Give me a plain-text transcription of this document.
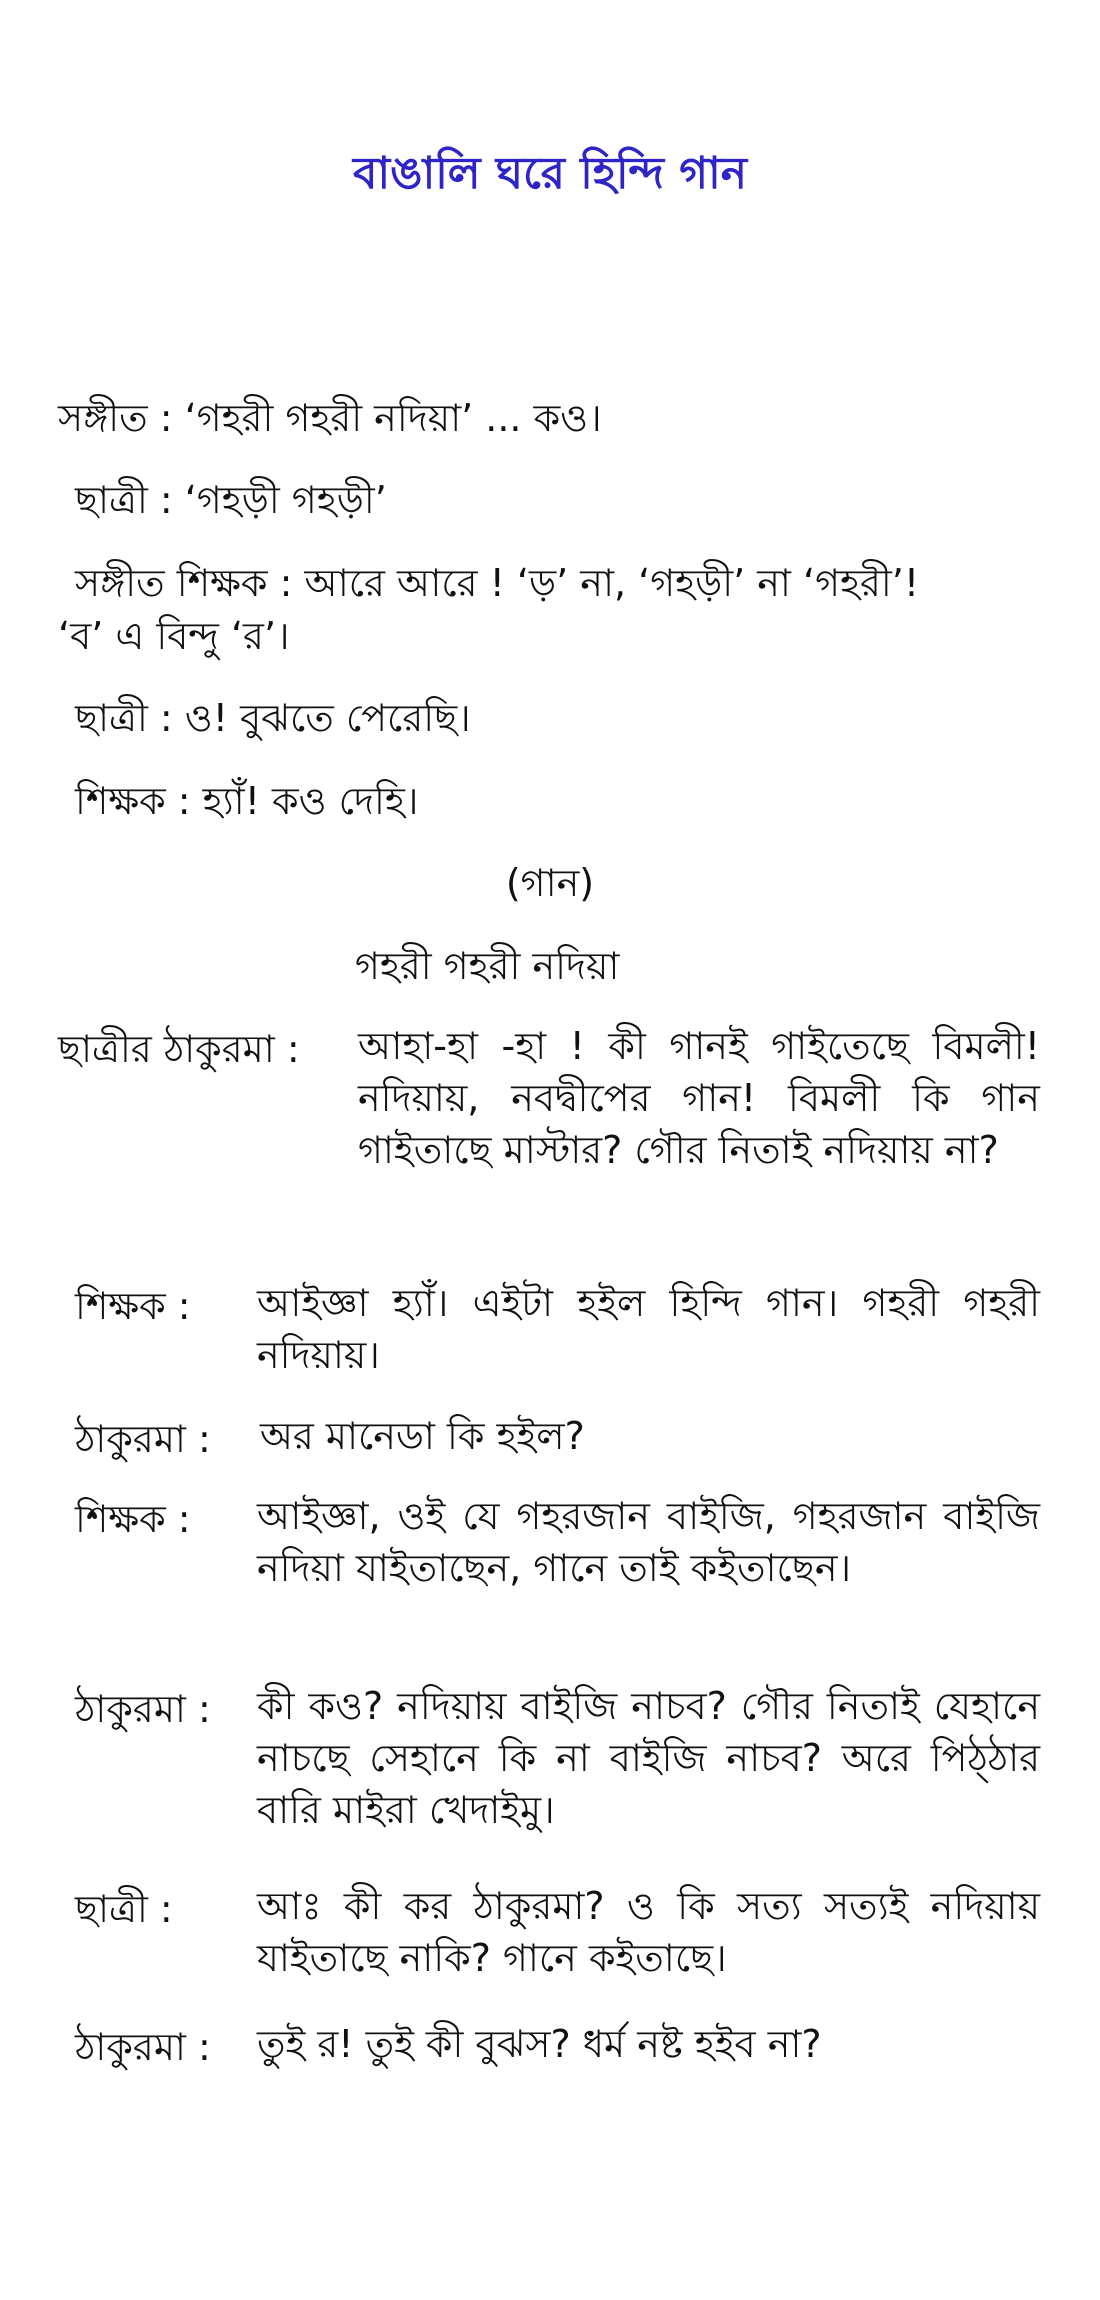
বাঙালি ঘরে হিন্দি গান
সঙ্গীত : ‘গহরী গহরী নদিয়া’ ... কও।
ছাত্রী : ‘গহড়ী গহড়ী’
সঙ্গীত শিক্ষক : আরে আরে ! ‘ড়’ না, ‘গহড়ী’ না ‘গহরী’!
‘ব’ এ বিন্দু ‘র’।
ছাত্রী : ও! বুঝতে পেরেছি।
শিক্ষক : হ্যাঁ! কও দেহি।
(গান)
গহরী গহরী নদিয়া
ছাত্রীর ঠাকুরমা : আহা-হা -হা ! কী গানই গাইতেছে বিমলী! নদিয়ায়, নবদ্বীপের গান! বিমলী কি গান গাইতাছে মাস্টার? গৌর নিতাই নদিয়ায় না?
শিক্ষক : আইজ্ঞা হ্যাঁ। এইটা হইল হিন্দি গান। গহরী গহরী নদিয়ায়।
ঠাকুরমা : অর মানেডা কি হইল?
শিক্ষক : আইজ্ঞা, ওই যে গহরজান বাইজি, গহরজান বাইজি নদিয়া যাইতাছেন, গানে তাই কইতাছেন।
ঠাকুরমা : কী কও? নদিয়ায় বাইজি নাচব? গৌর নিতাই যেহানে নাচছে সেহানে কি না বাইজি নাচব? অরে পিঠ্‌ঠার বারি মাইরা খেদাইমু।
ছাত্রী : আঃ কী কর ঠাকুরমা? ও কি সত্য সত্যই নদিয়ায় যাইতাছে নাকি? গানে কইতাছে।
ঠাকুরমা : তুই র! তুই কী বুঝস? ধর্ম নষ্ট হইব না?
